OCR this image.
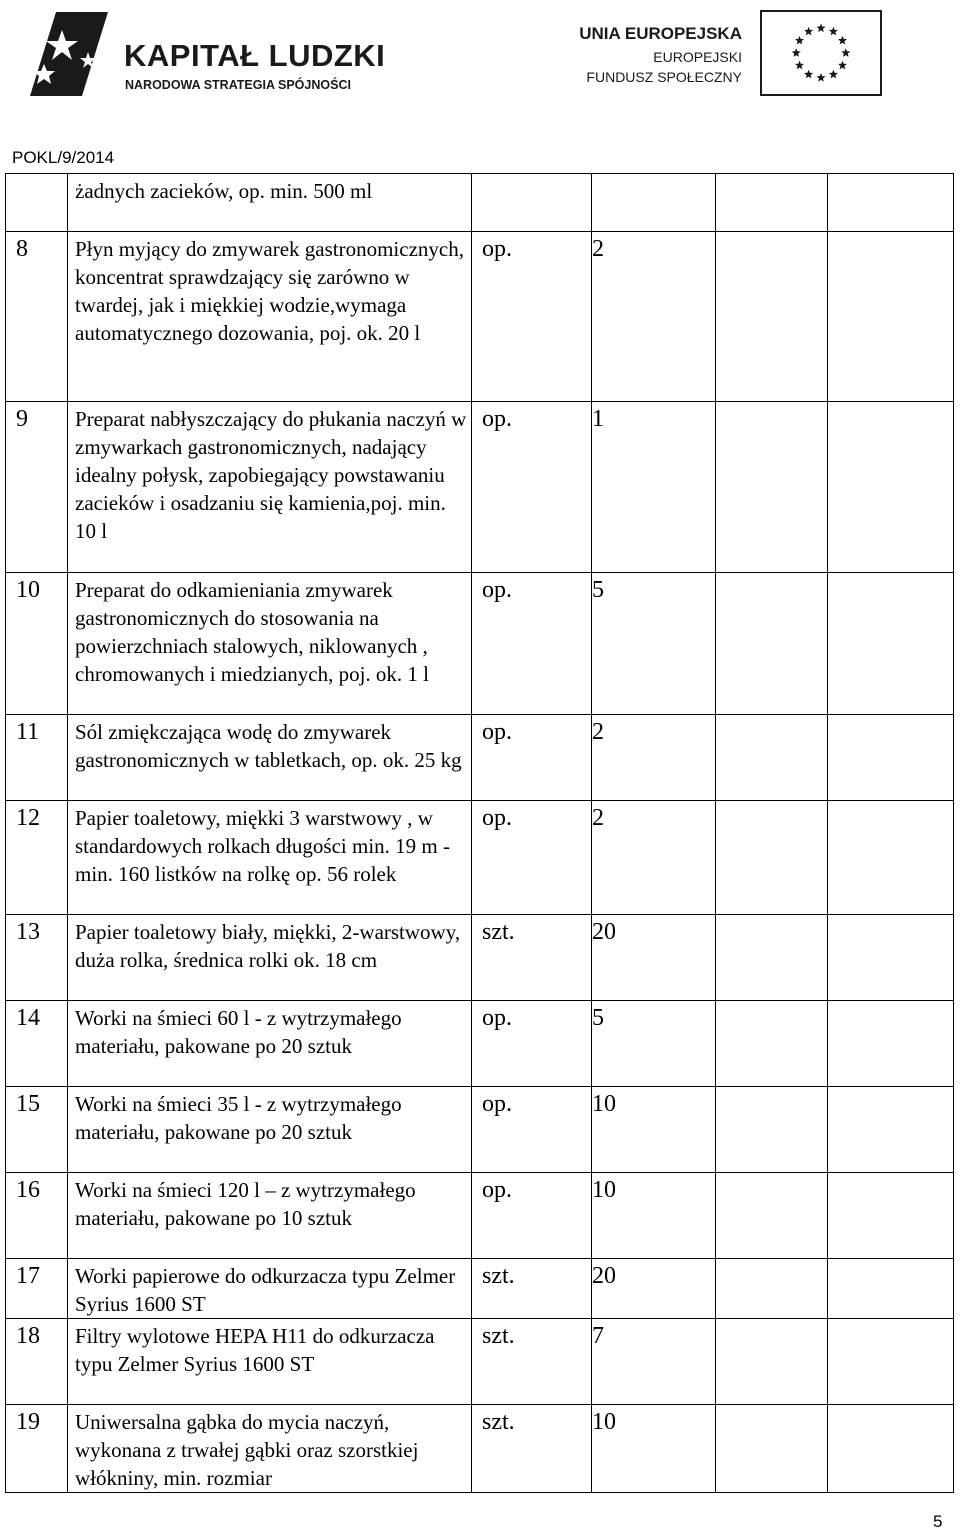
KAPITAŁ LUDZKI
NARODOWA STRATEGIA SPÓJNOŚCI
UNIA EUROPEJSKA
EUROPEJSKI
FUNDUSZ SPOŁECZNY
POKL/9/2014
	żadnych zacieków, op. min. 500 ml				
8	Płyn myjący do zmywarek gastronomicznych, koncentrat sprawdzający się zarówno w twardej, jak i miękkiej wodzie,wymaga automatycznego dozowania, poj. ok. 20 l	op.	2		
9	Preparat nabłyszczający do płukania naczyń w zmywarkach gastronomicznych, nadający idealny połysk, zapobiegający powstawaniu zacieków i osadzaniu się kamienia,poj. min. 10 l	op.	1		
10	Preparat do odkamieniania zmywarek gastronomicznych do stosowania na powierzchniach stalowych, niklowanych , chromowanych i miedzianych, poj. ok. 1 l	op.	5		
11	Sól zmiękczająca wodę do zmywarek gastronomicznych w tabletkach, op. ok. 25 kg	op.	2		
12	Papier toaletowy, miękki 3 warstwowy , w standardowych rolkach długości min. 19 m - min. 160 listków na rolkę op. 56 rolek	op.	2		
13	Papier toaletowy biały, miękki, 2-warstwowy, duża rolka, średnica rolki ok. 18 cm	szt.	20		
14	Worki na śmieci 60 l - z wytrzymałego materiału, pakowane po 20 sztuk	op.	5		
15	Worki na śmieci 35 l - z wytrzymałego materiału, pakowane po 20 sztuk	op.	10		
16	Worki na śmieci 120 l – z wytrzymałego materiału, pakowane po 10 sztuk	op.	10		
17	Worki papierowe do odkurzacza typu Zelmer Syrius 1600 ST	szt.	20		
18	Filtry wylotowe HEPA H11 do odkurzacza typu Zelmer Syrius 1600 ST	szt.	7		
19	Uniwersalna gąbka do mycia naczyń, wykonana z trwałej gąbki oraz szorstkiej włókniny, min. rozmiar	szt.	10		
5
